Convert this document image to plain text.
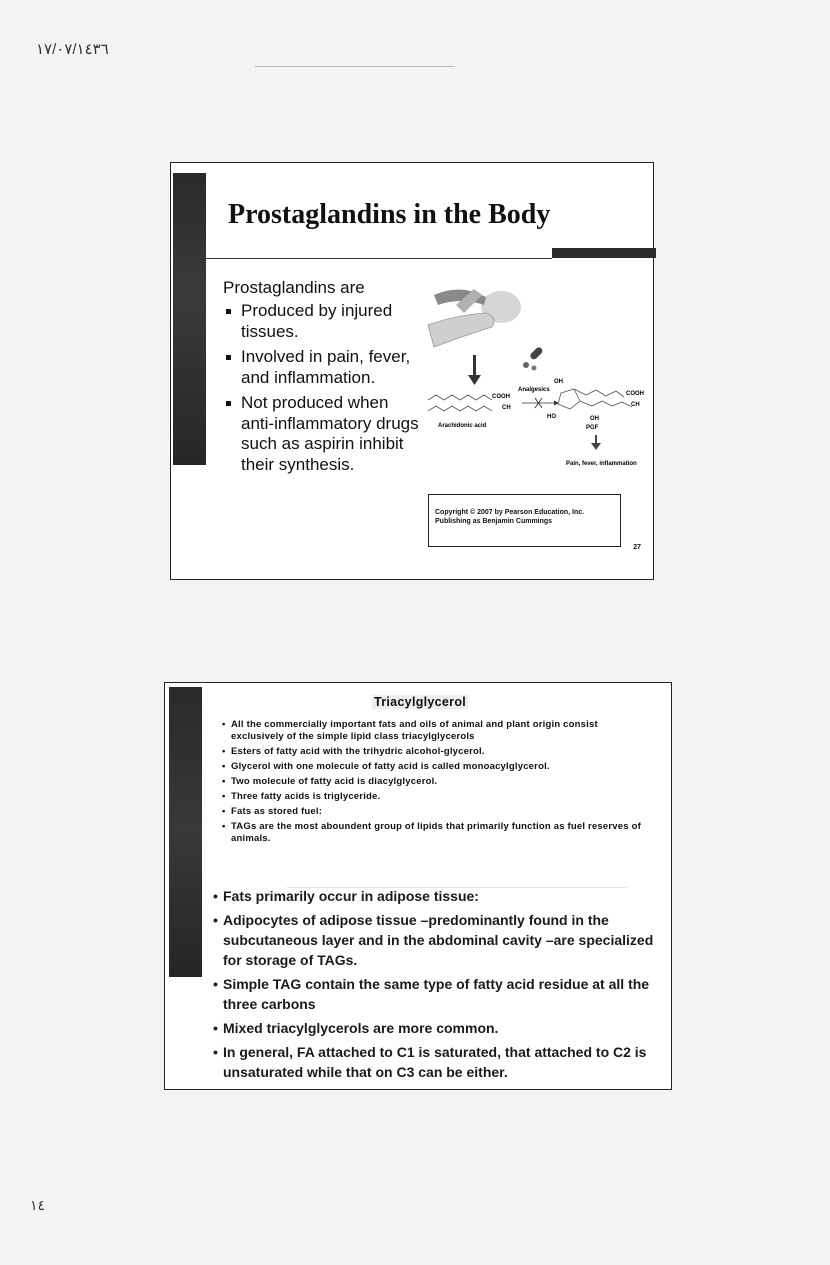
١٧/٠٧/١٤٣٦
Prostaglandins in the Body
Prostaglandins are
Produced by injured tissues.
Involved in pain, fever, and inflammation.
Not produced when anti-inflammatory drugs such as aspirin inhibit their synthesis.
Analgesics
COOH
CH
Arachidonic acid
OH
COOH
CH
HO	OH
PGF
Pain, fever, inflammation
Copyright © 2007 by Pearson Education, Inc.
Publishing as Benjamin Cummings
27
Triacylglycerol
• All the commercially important fats and oils of animal and plant origin consist exclusively of the simple lipid class triacylglycerols
• Esters of fatty acid with the trihydric alcohol-glycerol.
• Glycerol with one molecule of fatty acid is called monoacylglycerol.
• Two molecule of fatty acid is diacylglycerol.
• Three fatty acids is triglyceride.
• Fats as stored fuel:
• TAGs are the most aboundent group of lipids that primarily function as fuel reserves of animals.
• Fats primarily occur in adipose tissue:
• Adipocytes of adipose tissue –predominantly found in the subcutaneous layer and in the abdominal cavity –are specialized for storage of TAGs.
• Simple TAG contain the same type of fatty acid residue at all the three carbons
• Mixed triacylglycerols are more common.
• In general, FA attached to C1 is saturated, that attached to C2 is unsaturated while that on C3 can be either.
١٤
